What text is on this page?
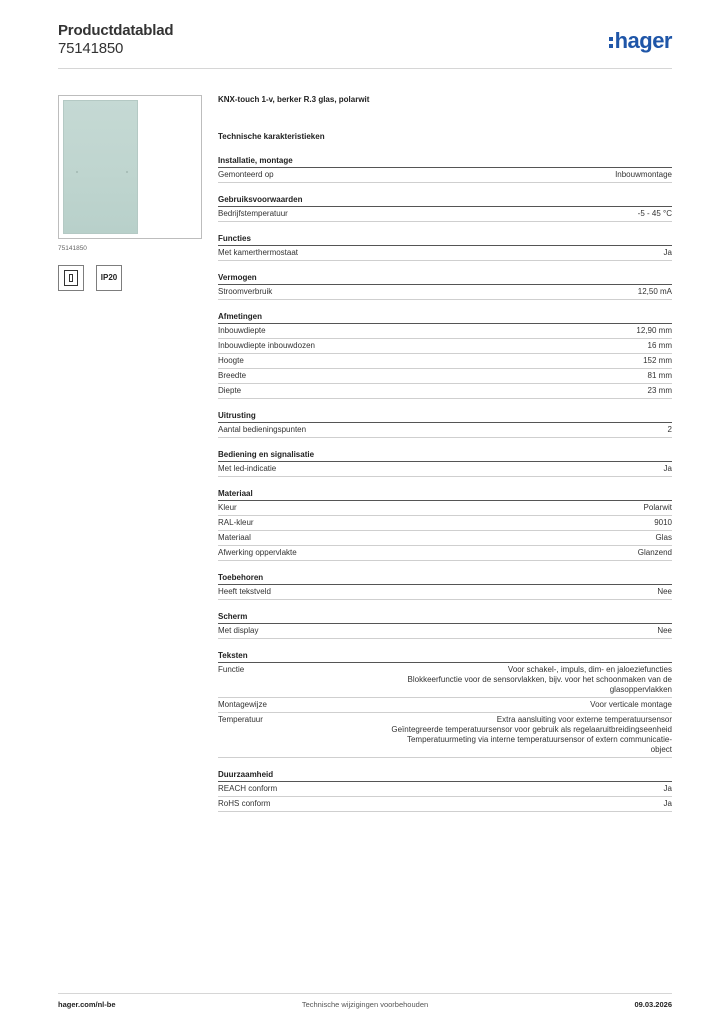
Productdatablad
75141850	hager
75141850
IP20
KNX-touch 1-v, berker R.3 glas, polarwit
Technische karakteristieken
Installatie, montage
Gemonteerd op	Inbouwmontage
Gebruiksvoorwaarden
Bedrijfstemperatuur	-5 - 45 °C
Functies
Met kamerthermostaat	Ja
Vermogen
Stroomverbruik	12,50 mA
Afmetingen
Inbouwdiepte	12,90 mm
Inbouwdiepte inbouwdozen	16 mm
Hoogte	152 mm
Breedte	81 mm
Diepte	23 mm
Uitrusting
Aantal bedieningspunten	2
Bediening en signalisatie
Met led-indicatie	Ja
Materiaal
Kleur	Polarwit
RAL-kleur	9010
Materiaal	Glas
Afwerking oppervlakte	Glanzend
Toebehoren
Heeft tekstveld	Nee
Scherm
Met display	Nee
Teksten
Functie	Voor schakel-, impuls, dim- en jaloeziefuncties
Blokkeerfunctie voor de sensorvlakken, bijv. voor het schoonmaken van de
glasoppervlakken
Montagewijze	Voor verticale montage
Temperatuur	Extra aansluiting voor externe temperatuursensor
Geïntegreerde temperatuursensor voor gebruik als regelaaruitbreidingseenheid
Temperatuurmeting via interne temperatuursensor of extern communicatie-
object
Duurzaamheid
REACH conform	Ja
RoHS conform	Ja
hager.com/nl-be	Technische wijzigingen voorbehouden	09.03.2026
